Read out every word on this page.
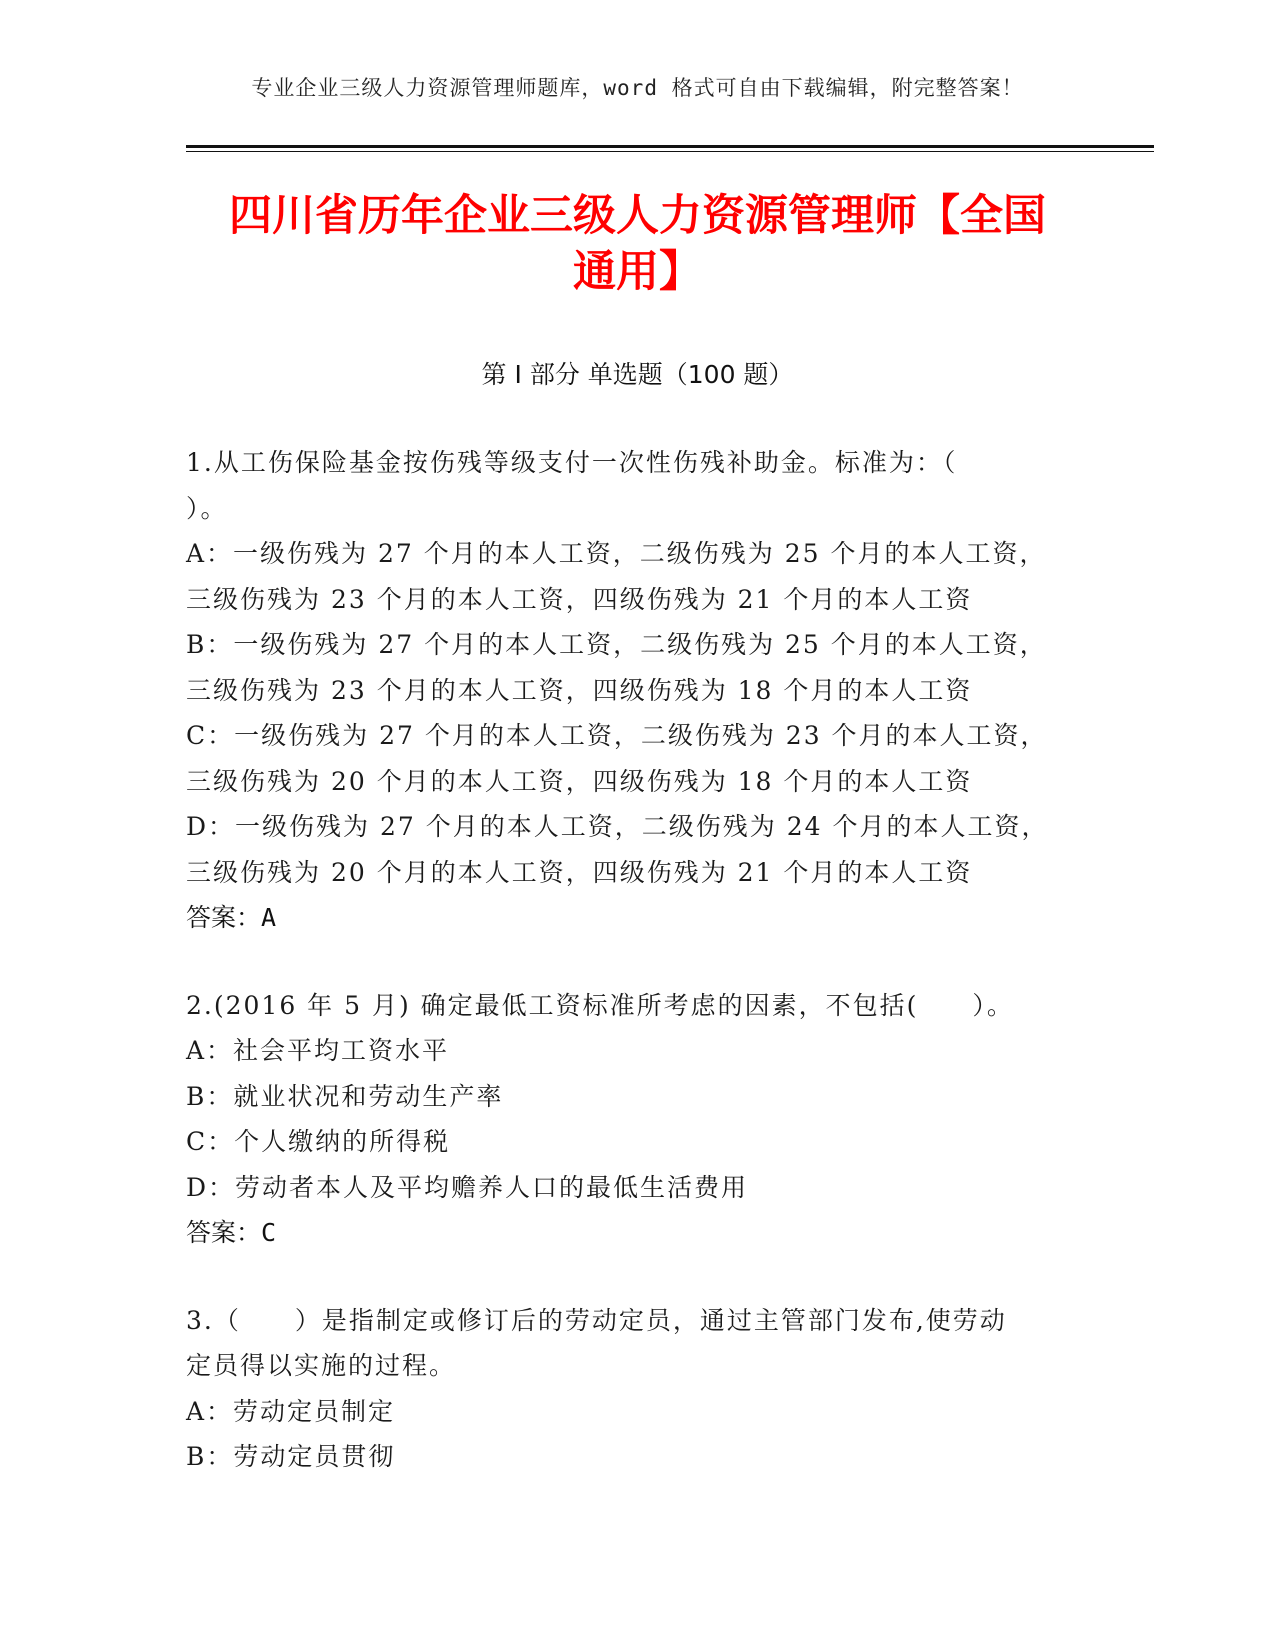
专业企业三级人力资源管理师题库，word 格式可自由下载编辑，附完整答案！
四川省历年企业三级人力资源管理师【全国
通用】
第 I 部分 单选题（100 题）
1.从工伤保险基金按伤残等级支付一次性伤残补助金。标准为：（
）。
A：一级伤残为 27 个月的本人工资，二级伤残为 25 个月的本人工资，
三级伤残为 23 个月的本人工资，四级伤残为 21 个月的本人工资
B：一级伤残为 27 个月的本人工资，二级伤残为 25 个月的本人工资，
三级伤残为 23 个月的本人工资，四级伤残为 18 个月的本人工资
C：一级伤残为 27 个月的本人工资，二级伤残为 23 个月的本人工资，
三级伤残为 20 个月的本人工资，四级伤残为 18 个月的本人工资
D：一级伤残为 27 个月的本人工资，二级伤残为 24 个月的本人工资，
三级伤残为 20 个月的本人工资，四级伤残为 21 个月的本人工资
答案：A
2.(2016 年 5 月) 确定最低工资标准所考虑的因素，不包括(　　）。
A：社会平均工资水平
B：就业状况和劳动生产率
C：个人缴纳的所得税
D：劳动者本人及平均赡养人口的最低生活费用
答案：C
3.（　　）是指制定或修订后的劳动定员，通过主管部门发布,使劳动
定员得以实施的过程。
A：劳动定员制定
B：劳动定员贯彻
